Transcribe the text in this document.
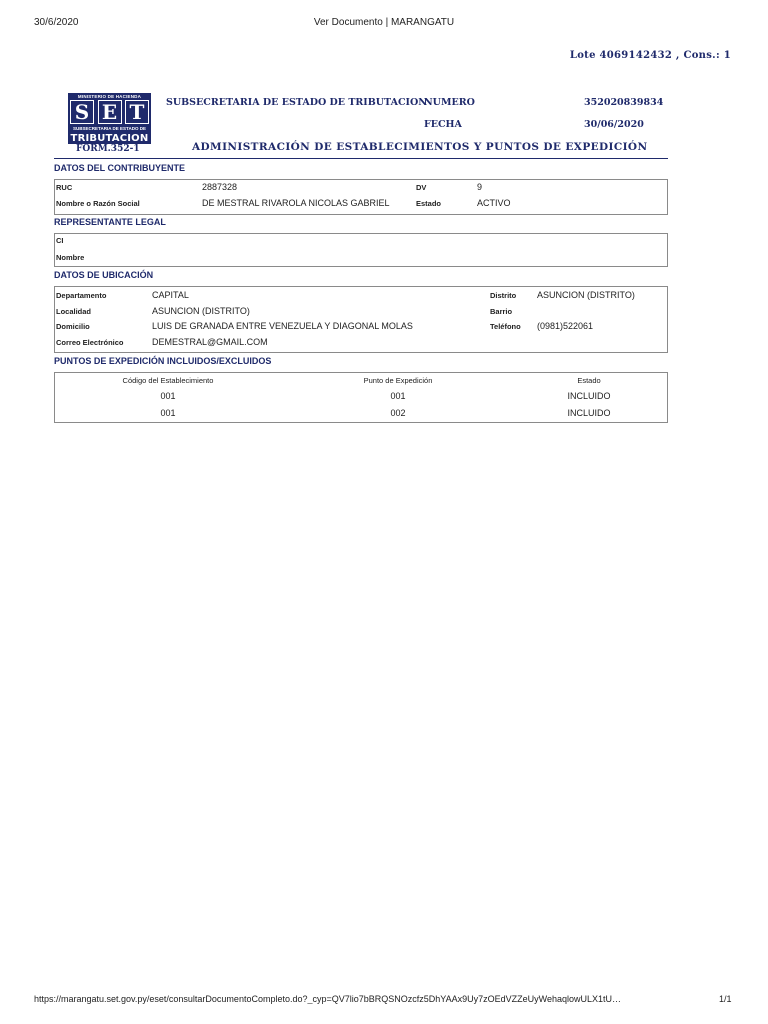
30/6/2020	Ver Documento | MARANGATU
Lote 4069142432 , Cons.: 1
MINISTERIO DE HACIENDA
S E T
SUBSECRETARIA DE ESTADO DE
TRIBUTACION
FORM.352-1
SUBSECRETARIA DE ESTADO DE TRIBUTACION
NUMERO	352020839834
FECHA	30/06/2020
ADMINISTRACIÓN DE ESTABLECIMIENTOS Y PUNTOS DE EXPEDICIÓN
DATOS DEL CONTRIBUYENTE
RUC	2887328	DV	9
Nombre o Razón Social	DE MESTRAL RIVAROLA NICOLAS GABRIEL	Estado	ACTIVO
REPRESENTANTE LEGAL
CI
Nombre
DATOS DE UBICACIÓN
Departamento	CAPITAL	Distrito ASUNCION (DISTRITO)
Localidad	ASUNCION (DISTRITO)	Barrio
Domicilio	LUIS DE GRANADA ENTRE VENEZUELA Y DIAGONAL MOLAS	Teléfono (0981)522061
Correo Electrónico	DEMESTRAL@GMAIL.COM
PUNTOS DE EXPEDICIÓN INCLUIDOS/EXCLUIDOS
Código del Establecimiento	Punto de Expedición	Estado
001	001	INCLUIDO
001	002	INCLUIDO
https://marangatu.set.gov.py/eset/consultarDocumentoCompleto.do?_cyp=QV7lio7bBRQSNOzcfz5DhYAAx9Uy7zOEdVZZeUyWehaqlowULX1tU…	1/1
